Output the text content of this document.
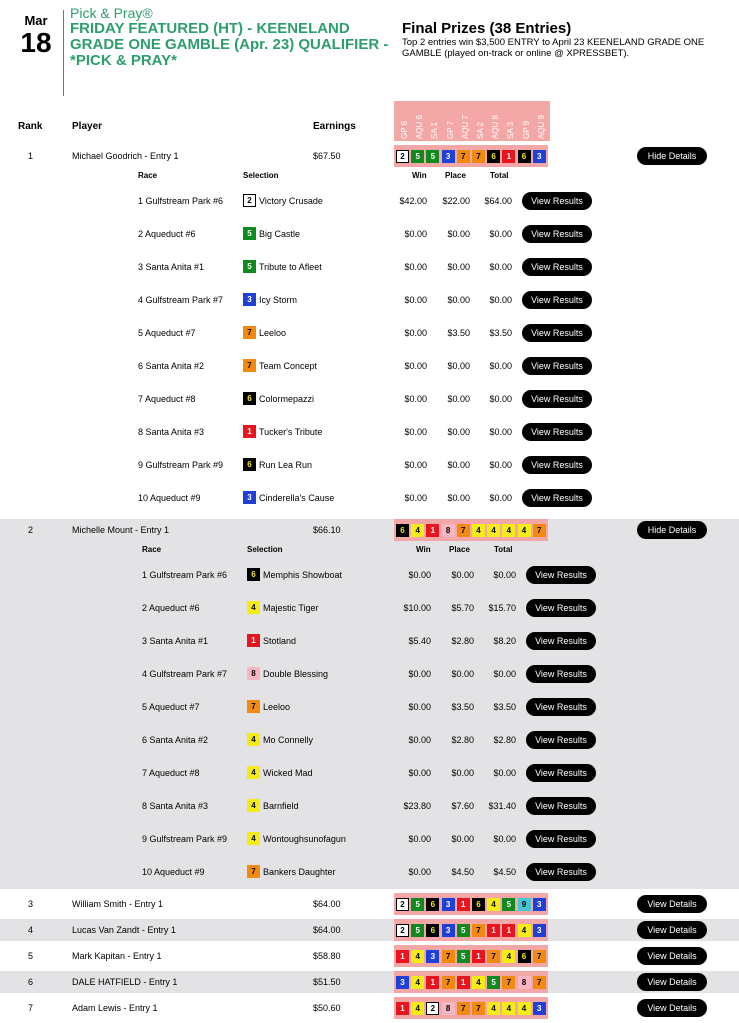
Mar
18
Pick & Pray®
FRIDAY FEATURED (HT) - KEENELAND GRADE ONE GAMBLE (Apr. 23) QUALIFIER - *PICK & PRAY*
Final Prizes (38 Entries)
Top 2 entries win $3,500 ENTRY to April 23 KEENELAND GRADE ONE GAMBLE (played on-track or online @ XPRESSBET).
Rank	Player	Earnings	GP 6 AQU 6 SA 1 GP 7 AQU 7 SA 2 AQU 8 SA 3 GP 9 AQU 9
1	Michael Goodrich - Entry 1	$67.50	2	5	5	3	7	7	6	1	6	3	Hide Details
Race	Selection	Win Place	Total
1 Gulfstream Park #6	2 Victory Crusade	$42.00	$22.00	$64.00	View Results
2 Aqueduct #6	5 Big Castle	$0.00	$0.00	$0.00	View Results
3 Santa Anita #1	5 Tribute to Afleet	$0.00	$0.00	$0.00	View Results
4 Gulfstream Park #7	3 Icy Storm	$0.00	$0.00	$0.00	View Results
5 Aqueduct #7	7 Leeloo	$0.00	$3.50	$3.50	View Results
6 Santa Anita #2	7 Team Concept	$0.00	$0.00	$0.00	View Results
7 Aqueduct #8	6 Colormepazzi	$0.00	$0.00	$0.00	View Results
8 Santa Anita #3	1 Tucker's Tribute	$0.00	$0.00	$0.00	View Results
9 Gulfstream Park #9	6 Run Lea Run	$0.00	$0.00	$0.00	View Results
10 Aqueduct #9	3 Cinderella's Cause	$0.00	$0.00	$0.00	View Results
2	Michelle Mount - Entry 1	$66.10	6	4	1	8	7	4	4	4	4	7	Hide Details
Race	Selection	Win Place	Total
1 Gulfstream Park #6	6 Memphis Showboat	$0.00	$0.00	$0.00	View Results
2 Aqueduct #6	4 Majestic Tiger	$10.00	$5.70	$15.70	View Results
3 Santa Anita #1	1 Stotland	$5.40	$2.80	$8.20	View Results
4 Gulfstream Park #7	8 Double Blessing	$0.00	$0.00	$0.00	View Results
5 Aqueduct #7	7 Leeloo	$0.00	$3.50	$3.50	View Results
6 Santa Anita #2	4 Mo Connelly	$0.00	$2.80	$2.80	View Results
7 Aqueduct #8	4 Wicked Mad	$0.00	$0.00	$0.00	View Results
8 Santa Anita #3	4 Barnfield	$23.80	$7.60	$31.40	View Results
9 Gulfstream Park #9	4 Wontoughsunofagun	$0.00	$0.00	$0.00	View Results
10 Aqueduct #9	7 Bankers Daughter	$0.00	$4.50	$4.50	View Results
3	William Smith - Entry 1	$64.00	2	5	6	3	1	6	4	5	9	3	View Details
4	Lucas Van Zandt - Entry 1	$64.00	2	5	6	3	5	7	1	1	4	3	View Details
5	Mark Kapitan - Entry 1	$58.80	1	4	3	7	5	1	7	4	6	7	View Details
6	DALE HATFIELD - Entry 1	$51.50	3	4	1	7	1	4	5	7	8	7	View Details
7	Adam Lewis - Entry 1	$50.60	1	4	2	8	7	7	4	4	4	3	View Details
